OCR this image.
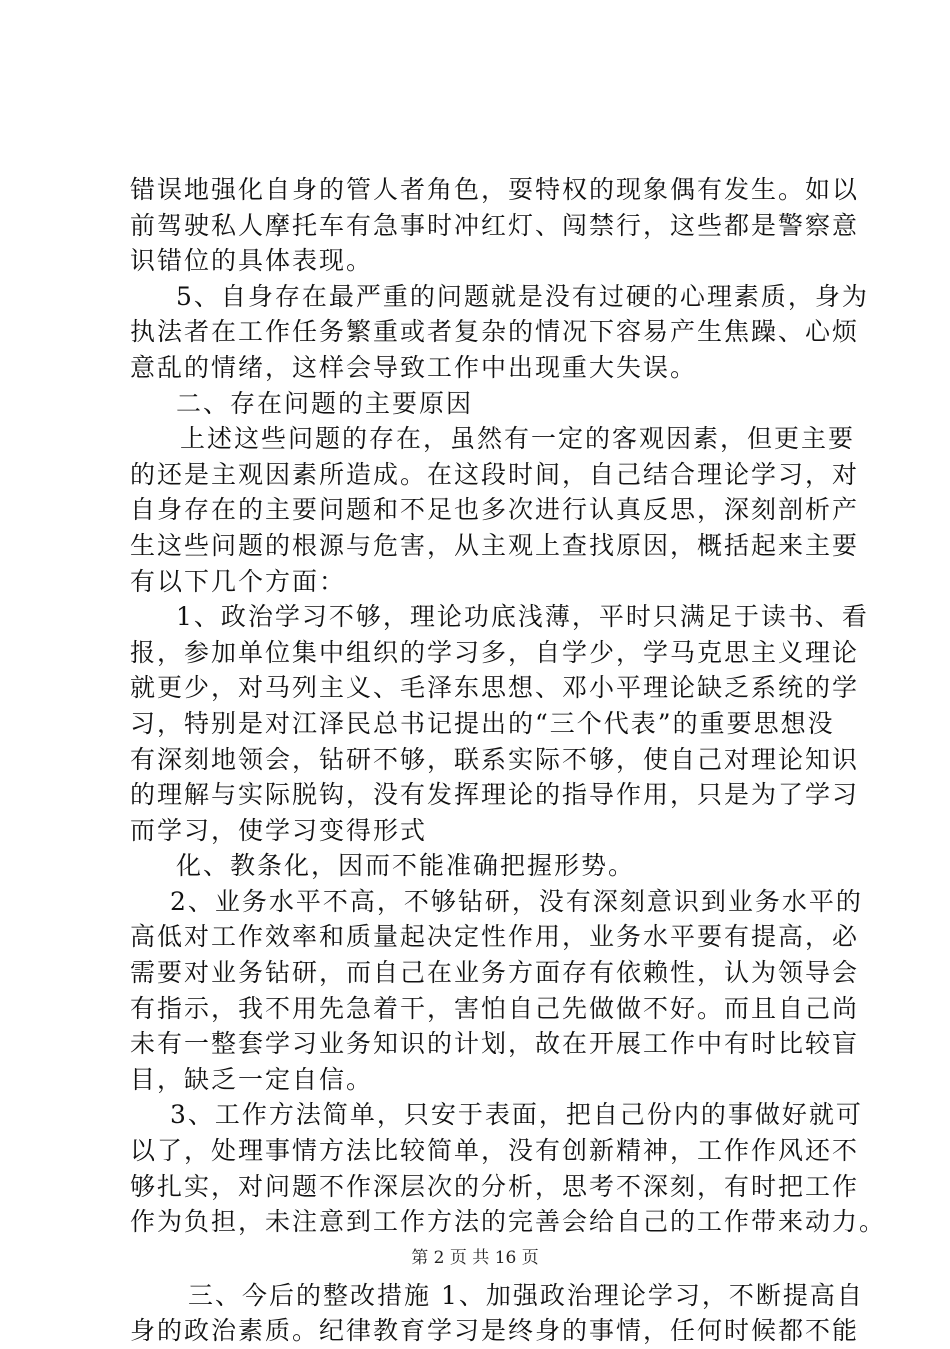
错误地强化自身的管人者角色，耍特权的现象偶有发生。如以
前驾驶私人摩托车有急事时冲红灯、闯禁行，这些都是警察意
识错位的具体表现。
5、自身存在最严重的问题就是没有过硬的心理素质，身为
执法者在工作任务繁重或者复杂的情况下容易产生焦躁、心烦
意乱的情绪，这样会导致工作中出现重大失误。
二、存在问题的主要原因
上述这些问题的存在，虽然有一定的客观因素，但更主要
的还是主观因素所造成。在这段时间，自己结合理论学习，对
自身存在的主要问题和不足也多次进行认真反思，深刻剖析产
生这些问题的根源与危害，从主观上查找原因，概括起来主要
有以下几个方面：
1、政治学习不够，理论功底浅薄，平时只满足于读书、看
报，参加单位集中组织的学习多，自学少，学马克思主义理论
就更少，对马列主义、毛泽东思想、邓小平理论缺乏系统的学
习，特别是对江泽民总书记提出的“三个代表”的重要思想没
有深刻地领会，钻研不够，联系实际不够，使自己对理论知识
的理解与实际脱钩，没有发挥理论的指导作用，只是为了学习
而学习，使学习变得形式
化、教条化，因而不能准确把握形势。
2、业务水平不高，不够钻研，没有深刻意识到业务水平的
高低对工作效率和质量起决定性作用，业务水平要有提高，必
需要对业务钻研，而自己在业务方面存有依赖性，认为领导会
有指示，我不用先急着干，害怕自己先做做不好。而且自己尚
未有一整套学习业务知识的计划，故在开展工作中有时比较盲
目，缺乏一定自信。
3、工作方法简单，只安于表面，把自己份内的事做好就可
以了，处理事情方法比较简单，没有创新精神，工作作风还不
够扎实，对问题不作深层次的分析，思考不深刻，有时把工作
作为负担，未注意到工作方法的完善会给自己的工作带来动力。
三、今后的整改措施 1、加强政治理论学习，不断提高自
身的政治素质。纪律教育学习是终身的事情，任何时候都不能
第 2 页 共 16 页
